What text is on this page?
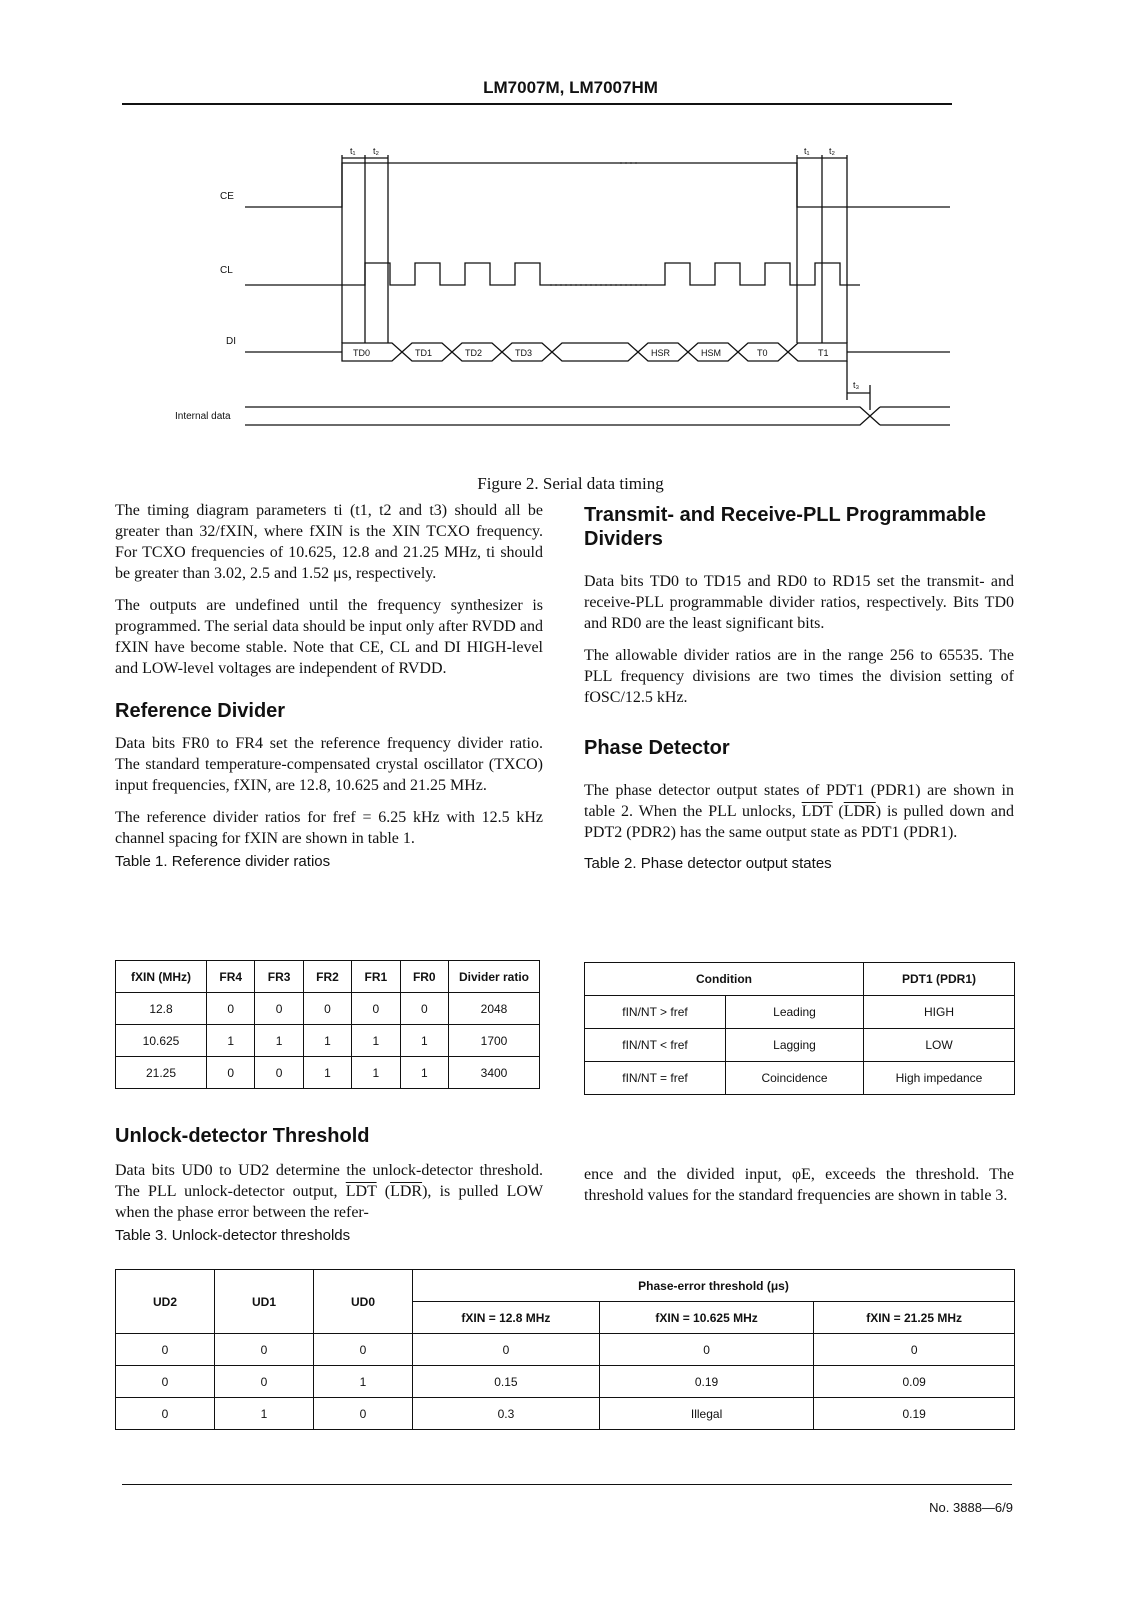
LM7007M, LM7007HM
CE
CL
DI
Internal data
t₁ t₂	t₁ t₂
t₃
TD0	TD1	TD2	TD3	HSR	HSM	T0	T1
Figure 2. Serial data timing

The timing diagram parameters ti (t1, t2 and t3) should all be greater than 32/fXIN, where fXIN is the XIN TCXO frequency. For TCXO frequencies of 10.625, 12.8 and 21.25 MHz, ti should be greater than 3.02, 2.5 and 1.52 μs, respectively.

The outputs are undefined until the frequency synthesizer is programmed. The serial data should be input only after RVDD and fXIN have become stable. Note that CE, CL and DI HIGH-level and LOW-level voltages are independent of RVDD.

Reference Divider

Data bits FR0 to FR4 set the reference frequency divider ratio. The standard temperature-compensated crystal oscillator (TXCO) input frequencies, fXIN, are 12.8, 10.625 and 21.25 MHz.

The reference divider ratios for fref = 6.25 kHz with 12.5 kHz channel spacing for fXIN are shown in table 1.

Table 1. Reference divider ratios

fXIN (MHz)	FR4	FR3	FR2	FR1	FR0	Divider ratio
12.8	0	0	0	0	0	2048
10.625	1	1	1	1	1	1700
21.25	0	0	1	1	1	3400

Transmit- and Receive-PLL Programmable Dividers

Data bits TD0 to TD15 and RD0 to RD15 set the transmit- and receive-PLL programmable divider ratios, respectively. Bits TD0 and RD0 are the least significant bits.

The allowable divider ratios are in the range 256 to 65535. The PLL frequency divisions are two times the division setting of fOSC/12.5 kHz.

Phase Detector

The phase detector output states of PDT1 (PDR1) are shown in table 2. When the PLL unlocks, $\overline{LDT}$ $(\overline{LDR})$ is pulled down and PDT2 (PDR2) has the same output state as PDT1 (PDR1).

Table 2. Phase detector output states

Condition		PDT1 (PDR1)
fIN/NT > fref	Leading	HIGH
fIN/NT < fref	Lagging	LOW
fIN/NT = fref	Coincidence	High impedance

Unlock-detector Threshold

Data bits UD0 to UD2 determine the unlock-detector threshold. The PLL unlock-detector output, $\overline{LDT}$ $(\overline{LDR})$, is pulled LOW when the phase error between the refer-

Table 3. Unlock-detector thresholds

ence and the divided input, φE, exceeds the threshold. The threshold values for the standard frequencies are shown in table 3.

UD2	UD1	UD0	Phase-error threshold (μs)		
			fXIN = 12.8 MHz	fXIN = 10.625 MHz	fXIN = 21.25 MHz
0	0	0	0	0	0
0	0	1	0.15	0.19	0.09
0	1	0	0.3	Illegal	0.19
No. 3888—6/9
